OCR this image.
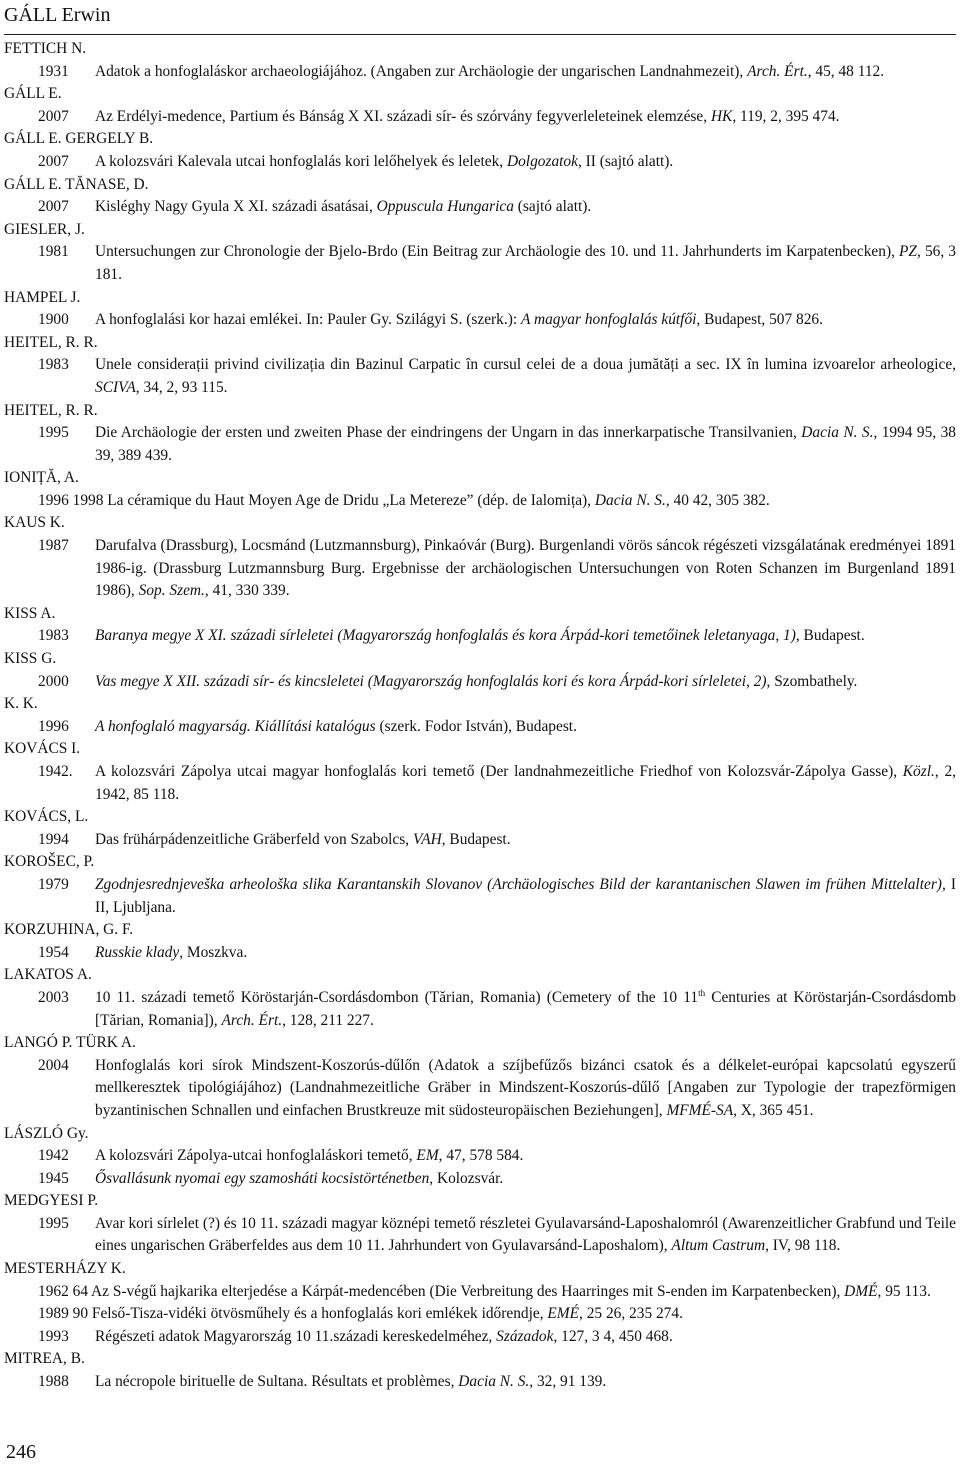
GÁLL Erwin
FETTICH N.
1931 Adatok a honfoglaláskor archaeologiájához. (Angaben zur Archäologie der ungarischen Landnahmezeit), Arch. Ért., 45, 48 112.
GÁLL E.
2007 Az Erdélyi-medence, Partium és Bánság X XI. századi sír- és szórvány fegyverleleteinek elemzése, HK, 119, 2, 395 474.
GÁLL E. GERGELY B.
2007 A kolozsvári Kalevala utcai honfoglalás kori lelőhelyek és leletek, Dolgozatok, II (sajtó alatt).
GÁLL E. TĂNASE, D.
2007 Kisléghy Nagy Gyula X XI. századi ásatásai, Oppuscula Hungarica (sajtó alatt).
GIESLER, J.
1981 Untersuchungen zur Chronologie der Bjelo-Brdo (Ein Beitrag zur Archäologie des 10. und 11. Jahrhunderts im Karpatenbecken), PZ, 56, 3 181.
HAMPEL J.
1900 A honfoglalási kor hazai emlékei. In: Pauler Gy. Szilágyi S. (szerk.): A magyar honfoglalás kútfői, Budapest, 507 826.
HEITEL, R. R.
1983 Unele considerații privind civilizația din Bazinul Carpatic în cursul celei de a doua jumătăți a sec. IX în lumina izvoarelor arheologice, SCIVA, 34, 2, 93 115.
HEITEL, R. R.
1995 Die Archäologie der ersten und zweiten Phase der eindringens der Ungarn in das innerkarpatische Transilvanien, Dacia N. S., 1994 95, 38 39, 389 439.
IONIȚĂ, A.
1996 1998 La céramique du Haut Moyen Age de Dridu „La Metereze” (dép. de Ialomița), Dacia N. S., 40 42, 305 382.
KAUS K.
1987 Darufalva (Drassburg), Locsmánd (Lutzmannsburg), Pinkaóvár (Burg). Burgenlandi vörös sáncok régészeti vizsgálatának eredményei 1891 1986-ig. (Drassburg Lutzmannsburg Burg. Ergebnisse der archäologischen Untersuchungen von Roten Schanzen im Burgenland 1891 1986), Sop. Szem., 41, 330 339.
KISS A.
1983 Baranya megye X XI. századi sírleletei (Magyarország honfoglalás és kora Árpád-kori temetőinek leletanyaga, 1), Budapest.
KISS G.
2000 Vas megye X XII. századi sír- és kincsleletei (Magyarország honfoglalás kori és kora Árpád-kori sírleletei, 2), Szombathely.
K. K.
1996 A honfoglaló magyarság. Kiállítási katalógus (szerk. Fodor István), Budapest.
KOVÁCS I.
1942. A kolozsvári Zápolya utcai magyar honfoglalás kori temető (Der landnahmezeitliche Friedhof von Kolozsvár-Zápolya Gasse), Közl., 2, 1942, 85 118.
KOVÁCS, L.
1994 Das frühárpádenzeitliche Gräberfeld von Szabolcs, VAH, Budapest.
KOROŠEC, P.
1979 Zgodnjesrednjeveška arheološka slika Karantanskih Slovanov (Archäologisches Bild der karantanischen Slawen im frühen Mittelalter), I II, Ljubljana.
KORZUHINA, G. F.
1954 Russkie klady, Moszkva.
LAKATOS A.
2003 10 11. századi temető Köröstarján-Csordásdombon (Tărian, Romania) (Cemetery of the 10 11th Centuries at Köröstarján-Csordásdomb [Tărian, Romania]), Arch. Ért., 128, 211 227.
LANGÓ P. TÜRK A.
2004 Honfoglalás kori sírok Mindszent-Koszorús-dűlőn (Adatok a szíjbefűzős bizánci csatok és a délkelet-európai kapcsolatú egyszerű mellkeresztek tipológiájához) (Landnahmezeitliche Gräber in Mindszent-Koszorús-dűlő [Angaben zur Typologie der trapezförmigen byzantinischen Schnallen und einfachen Brustkreuze mit südosteuropäischen Beziehungen], MFMÉ-SA, X, 365 451.
LÁSZLÓ Gy.
1942 A kolozsvári Zápolya-utcai honfoglaláskori temető, EM, 47, 578 584.
1945 Ősvallásunk nyomai egy szamosháti kocsistörténetben, Kolozsvár.
MEDGYESI P.
1995 Avar kori sírlelet (?) és 10 11. századi magyar köznépi temető részletei Gyulavarsánd-Laposhalomról (Awarenzeitlicher Grabfund und Teile eines ungarischen Gräberfeldes aus dem 10 11. Jahrhundert von Gyulavarsánd-Laposhalom), Altum Castrum, IV, 98 118.
MESTERHÁZY K.
1962 64 Az S-végű hajkarika elterjedése a Kárpát-medencében (Die Verbreitung des Haarringes mit S-enden im Karpatenbecken), DMÉ, 95 113.
1989 90 Felső-Tisza-vidéki ötvösműhely és a honfoglalás kori emlékek időrendje, EMÉ, 25 26, 235 274.
1993 Régészeti adatok Magyarország 10 11.századi kereskedelméhez, Századok, 127, 3 4, 450 468.
MITREA, B.
1988 La nécropole birituelle de Sultana. Résultats et problèmes, Dacia N. S., 32, 91 139.
246
